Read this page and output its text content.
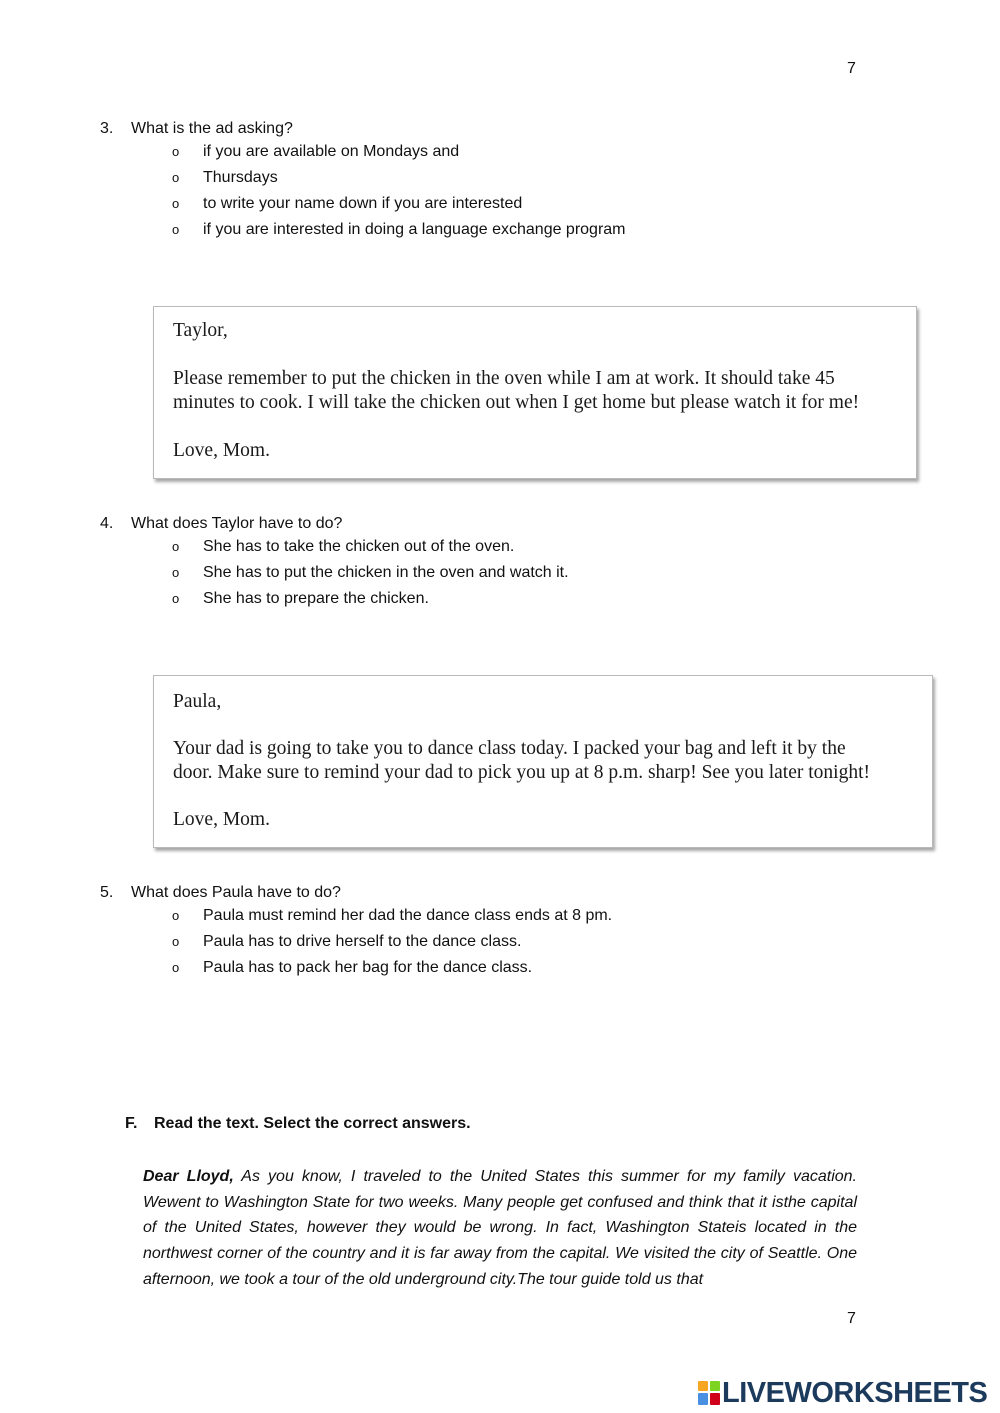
7
3. What is the ad asking?
o	if you are available on Mondays and
o	Thursdays
o	to write your name down if you are interested
o	if you are interested in doing a language exchange program

Taylor,

Please remember to put the chicken in the oven while I am at work. It should take 45

minutes to cook. I will take the chicken out when I get home but please watch it for me!

Love, Mom.

4. What does Taylor have to do?
o	She has to take the chicken out of the oven.
o	She has to put the chicken in the oven and watch it.
o	She has to prepare the chicken.

Paula,

Your dad is going to take you to dance class today. I packed your bag and left it by the

door. Make sure to remind your dad to pick you up at 8 p.m. sharp! See you later tonight!

Love, Mom.

5. What does Paula have to do?
o	Paula must remind her dad the dance class ends at 8 pm.
o	Paula has to drive herself to the dance class.
o	Paula has to pack her bag for the dance class.
F. Read the text. Select the correct answers.
Dear Lloyd, As you know, I traveled to the United States this summer for my family vacation. Wewent to Washington State for two weeks. Many people get confused and think that it isthe capital of the United States, however they would be wrong. In fact, Washington Stateis located in the northwest corner of the country and it is far away from the capital. We visited the city of Seattle. One afternoon, we took a tour of the old underground city.The tour guide told us that
7
LIVEWORKSHEETS
